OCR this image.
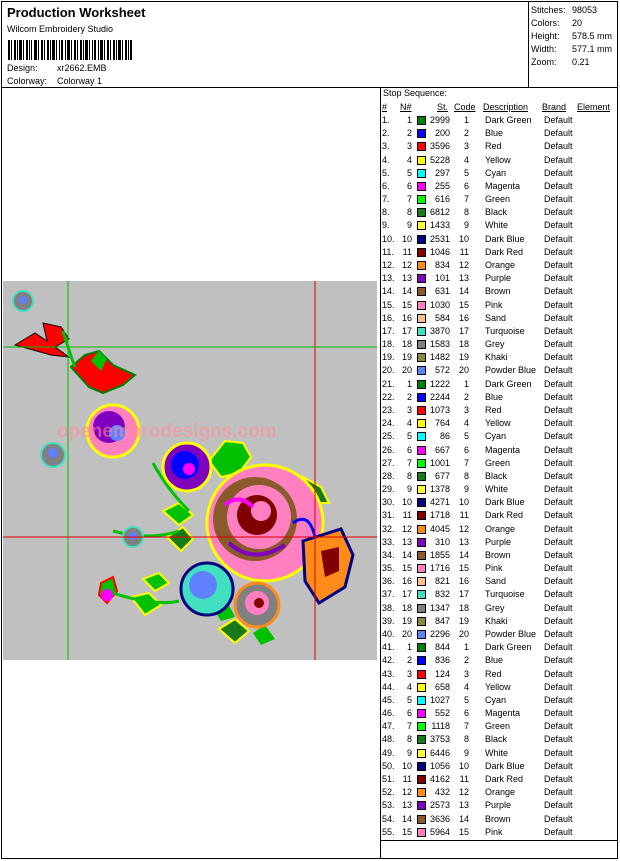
Production Worksheet
Wilcom Embroidery Studio
Design: xr2662.EMB
Colorway: Colorway 1
Stitches: 98053
Colors: 20
Height: 578.5 mm
Width: 577.1 mm
Zoom: 0.21
Stop Sequence:
# N#	St. Code Description Brand Element
1.	1	2999	1 Dark Green Default
2.	2	200	2 Blue	Default
3.	3	3596	3 Red	Default
4.	4	5228	4 Yellow	Default
5.	5	297	5 Cyan	Default
6.	6	255	6 Magenta	Default
7.	7	616	7 Green	Default
8.	8	6812	8 Black	Default
9.	9	1433	9 White	Default
10. 10	2531 10 Dark Blue Default
11. 11	1046	11 Dark Red Default
12. 12	834 12 Orange	Default
13. 13	101 13 Purple	Default
14. 14	631 14 Brown	Default
15. 15	1030 15 Pink	Default
16. 16	584 16 Sand	Default
17. 17	3870 17 Turquoise Default
18. 18	1583 18 Grey	Default
19. 19	1482 19 Khaki	Default
20. 20	572 20 Powder Blue Default
21.	1	1222	1 Dark Green Default
22.	2	2244	2 Blue	Default
23.	3	1073	3 Red	Default
24.	4	764	4 Yellow	Default
25.	5	86	5 Cyan	Default
26.	6	667	6 Magenta	Default
27.	7	1001	7 Green	Default
28.	8	677	8 Black	Default
29.	9	1378	9 White	Default
30. 10	4271 10 Dark Blue Default
31. 11	1718	11 Dark Red Default
32. 12	4045 12 Orange	Default
33. 13	310 13 Purple	Default
34. 14	1855 14 Brown	Default
35. 15	1716 15 Pink	Default
36. 16	821 16 Sand	Default
37. 17	832 17 Turquoise Default
38. 18	1347 18 Grey	Default
39. 19	847 19 Khaki	Default
40. 20	2296 20 Powder Blue Default
41.	1	844	1 Dark Green Default
42.	2	836	2 Blue	Default
43.	3	124	3 Red	Default
44.	4	658	4 Yellow	Default
45.	5	1027	5 Cyan	Default
46.	6	552	6 Magenta	Default
47.	7	1118	7 Green	Default
48.	8	3753	8 Black	Default
49.	9	6446	9 White	Default
50. 10	1056 10 Dark Blue Default
51. 11	4162	11 Dark Red Default
52. 12	432 12 Orange	Default
53. 13	2573 13 Purple	Default
54. 14	3636 14 Brown	Default
55. 15	5964 15 Pink	Default
openembrodesigns.com
